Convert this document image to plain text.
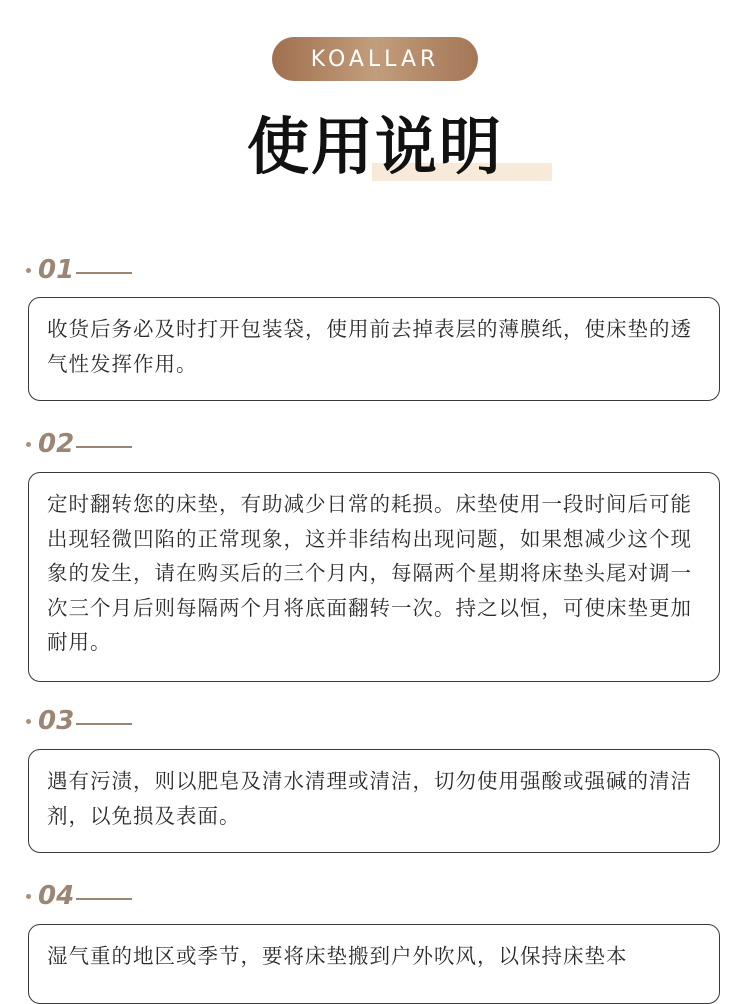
KOALLAR
使用说明
01

收货后务必及时打开包装袋，使用前去掉表层的薄膜纸，使床垫的透气性发挥作用。

02

定时翻转您的床垫，有助减少日常的耗损。床垫使用一段时间后可能出现轻微凹陷的正常现象，这并非结构出现问题，如果想减少这个现象的发生，请在购买后的三个月内，每隔两个星期将床垫头尾对调一次三个月后则每隔两个月将底面翻转一次。持之以恒，可使床垫更加耐用。

03

遇有污渍，则以肥皂及清水清理或清洁，切勿使用强酸或强碱的清洁剂，以免损及表面。

04

湿气重的地区或季节，要将床垫搬到户外吹风，以保持床垫本
